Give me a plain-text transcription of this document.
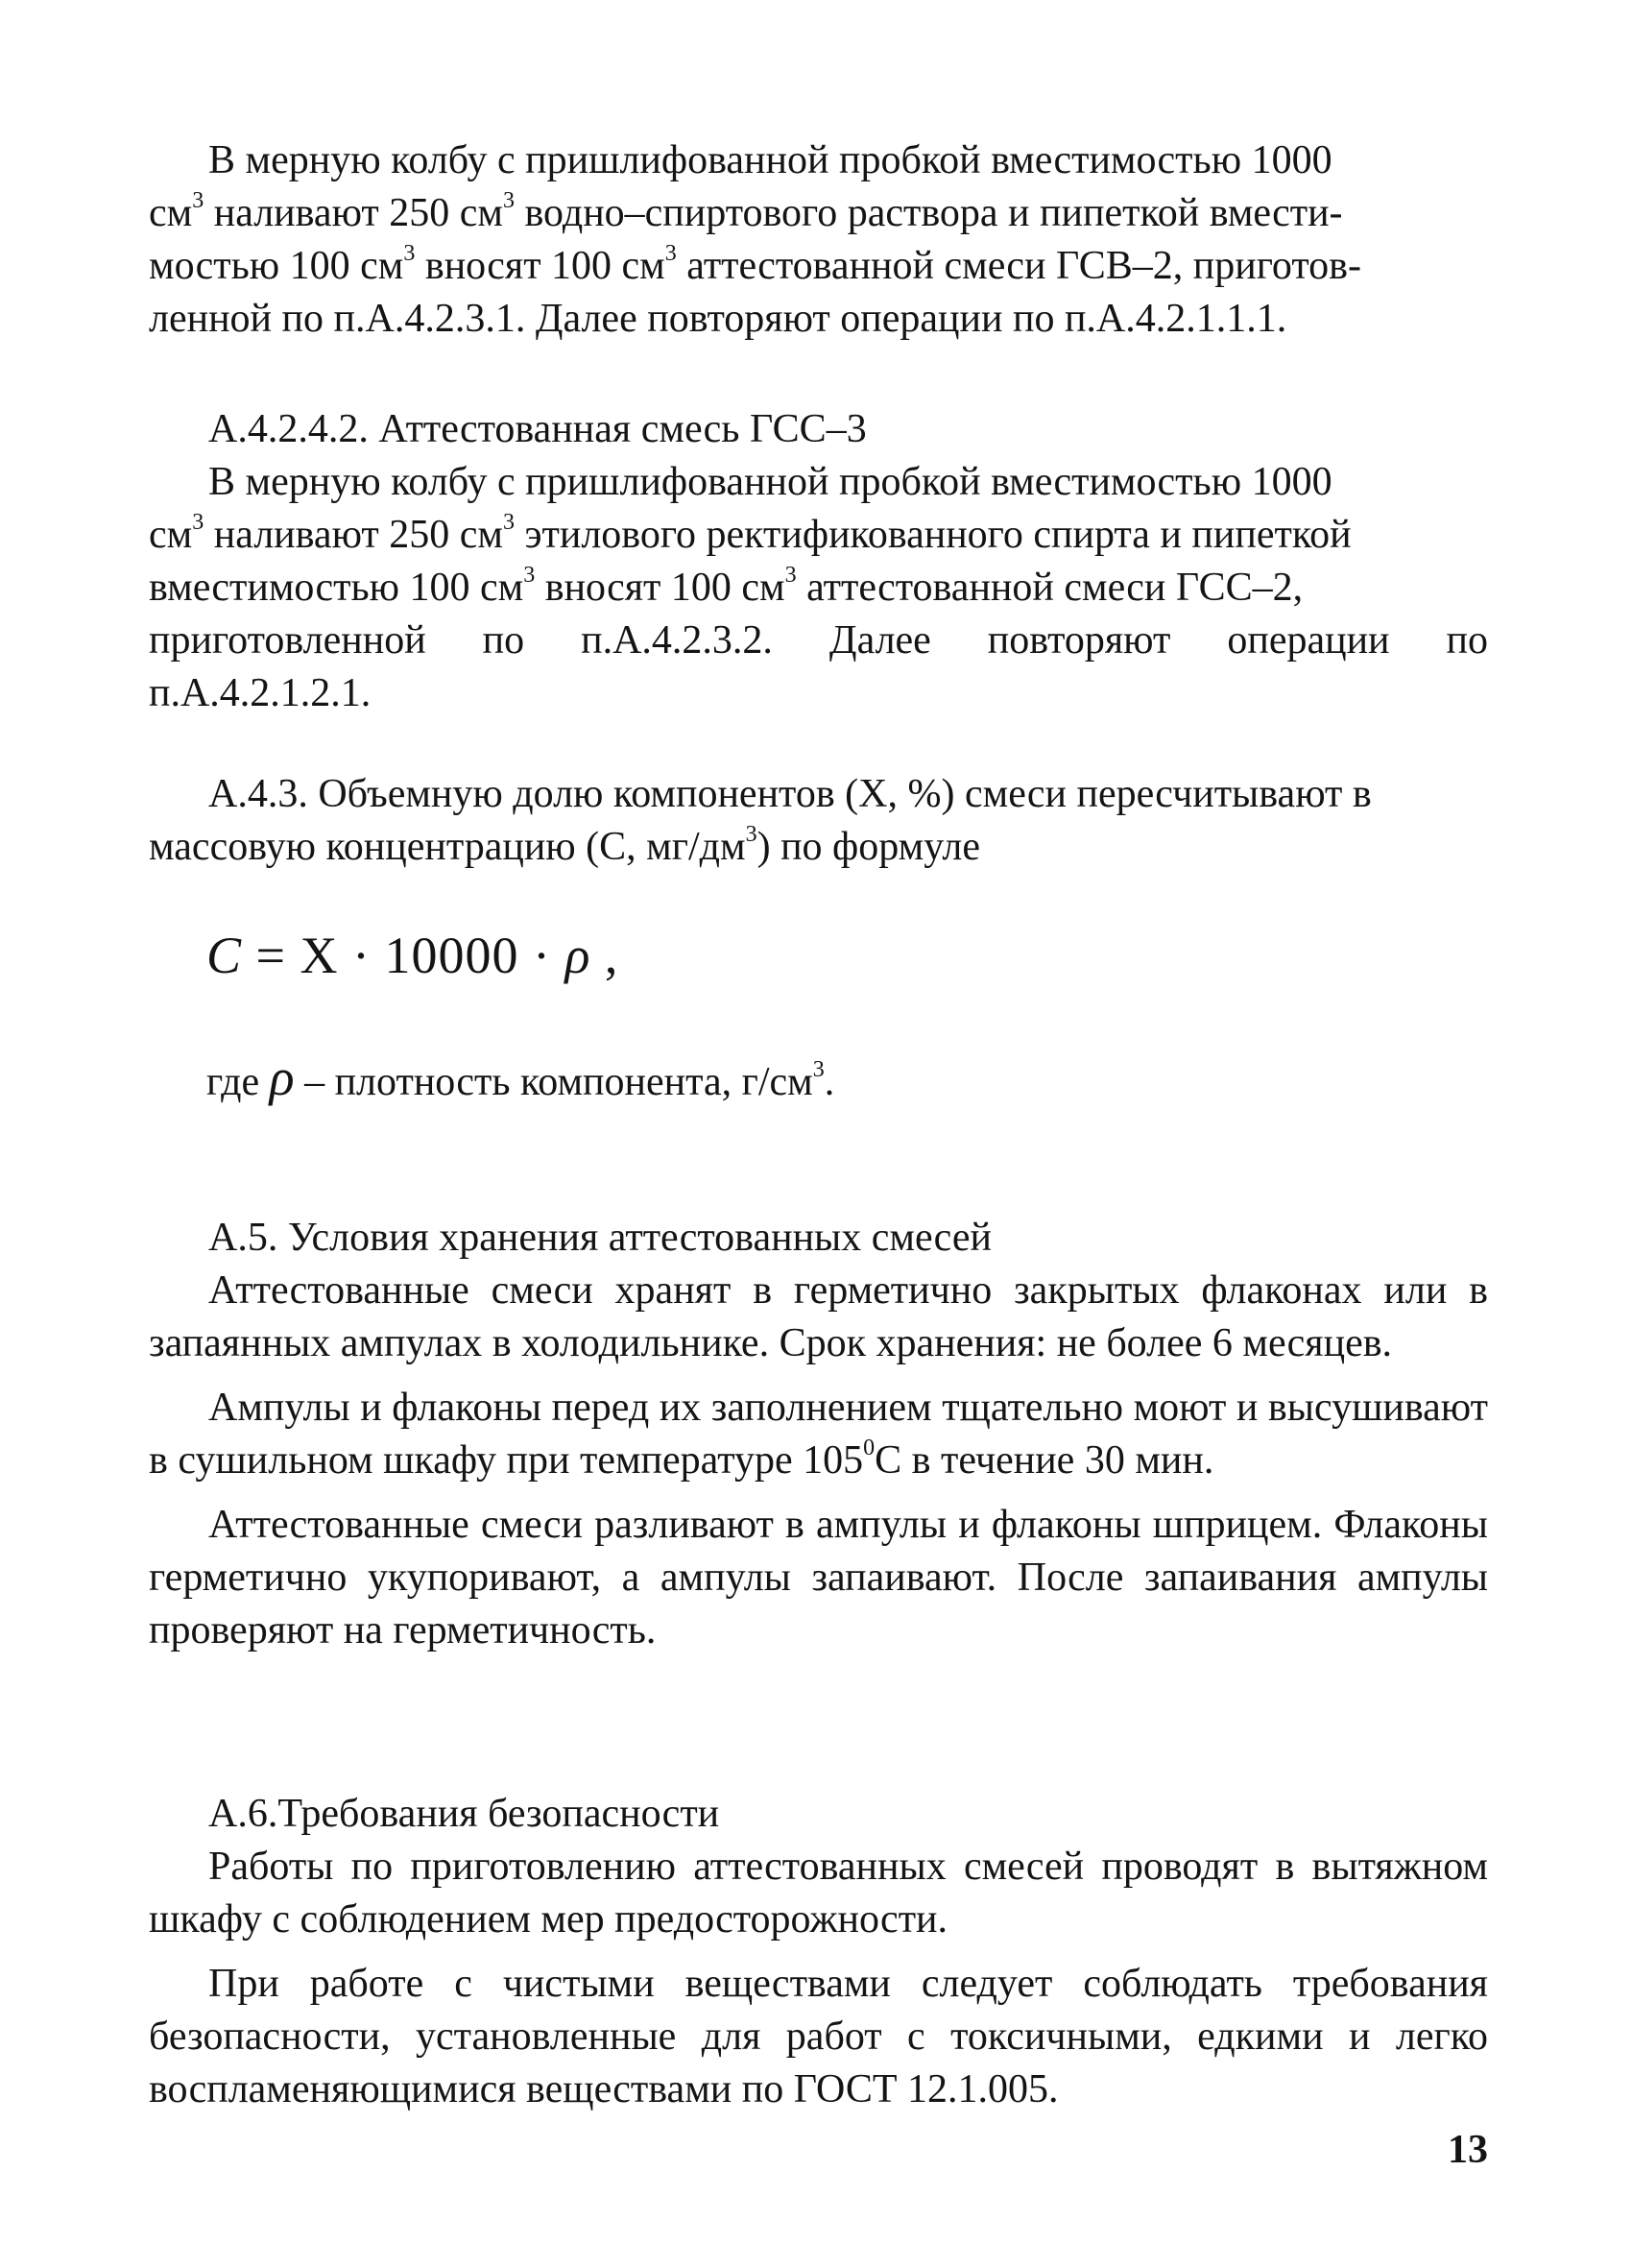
В мерную колбу с пришлифованной пробкой вместимостью 1000

$см^3$ наливают 250 $см^3$ водно–спиртового раствора и пипеткой вмести-

мостью 100 $см^3$ вносят 100 $см^3$ аттестованной смеси ГСВ–2, приготов-

ленной по п.А.4.2.3.1. Далее повторяют операции по п.А.4.2.1.1.1.

А.4.2.4.2. Аттестованная смесь ГСС–3

В мерную колбу с пришлифованной пробкой вместимостью 1000

$см^3$ наливают 250 $см^3$ этилового ректификованного спирта и пипеткой

вместимостью 100 $см^3$ вносят 100 $см^3$ аттестованной смеси ГСС–2,

приготовленной по п.А.4.2.3.2. Далее повторяют операции по

п.А.4.2.1.2.1.

А.4.3. Объемную долю компонентов (X, %) смеси пересчитывают в

массовую концентрацию (С, $мг/дм^3$) по формуле

C = X · 10000 · ρ ,
где ρ – плотность компонента, $г/см^3$.

А.5. Условия хранения аттестованных смесей

Аттестованные смеси хранят в герметично закрытых флаконах или в запаянных ампулах в холодильнике. Срок хранения: не более 6 месяцев.

Ампулы и флаконы перед их заполнением тщательно моют и высушивают в сушильном шкафу при температуре $105^0С$ в течение 30 мин.

Аттестованные смеси разливают в ампулы и флаконы шприцем. Флаконы герметично укупоривают, а ампулы запаивают. После запаивания ампулы проверяют на герметичность.

А.6.Требования безопасности

Работы по приготовлению аттестованных смесей проводят в вытяжном шкафу с соблюдением мер предосторожности.

При работе с чистыми веществами следует соблюдать требования безопасности, установленные для работ с токсичными, едкими и легко воспламеняющимися веществами по ГОСТ 12.1.005.

13
